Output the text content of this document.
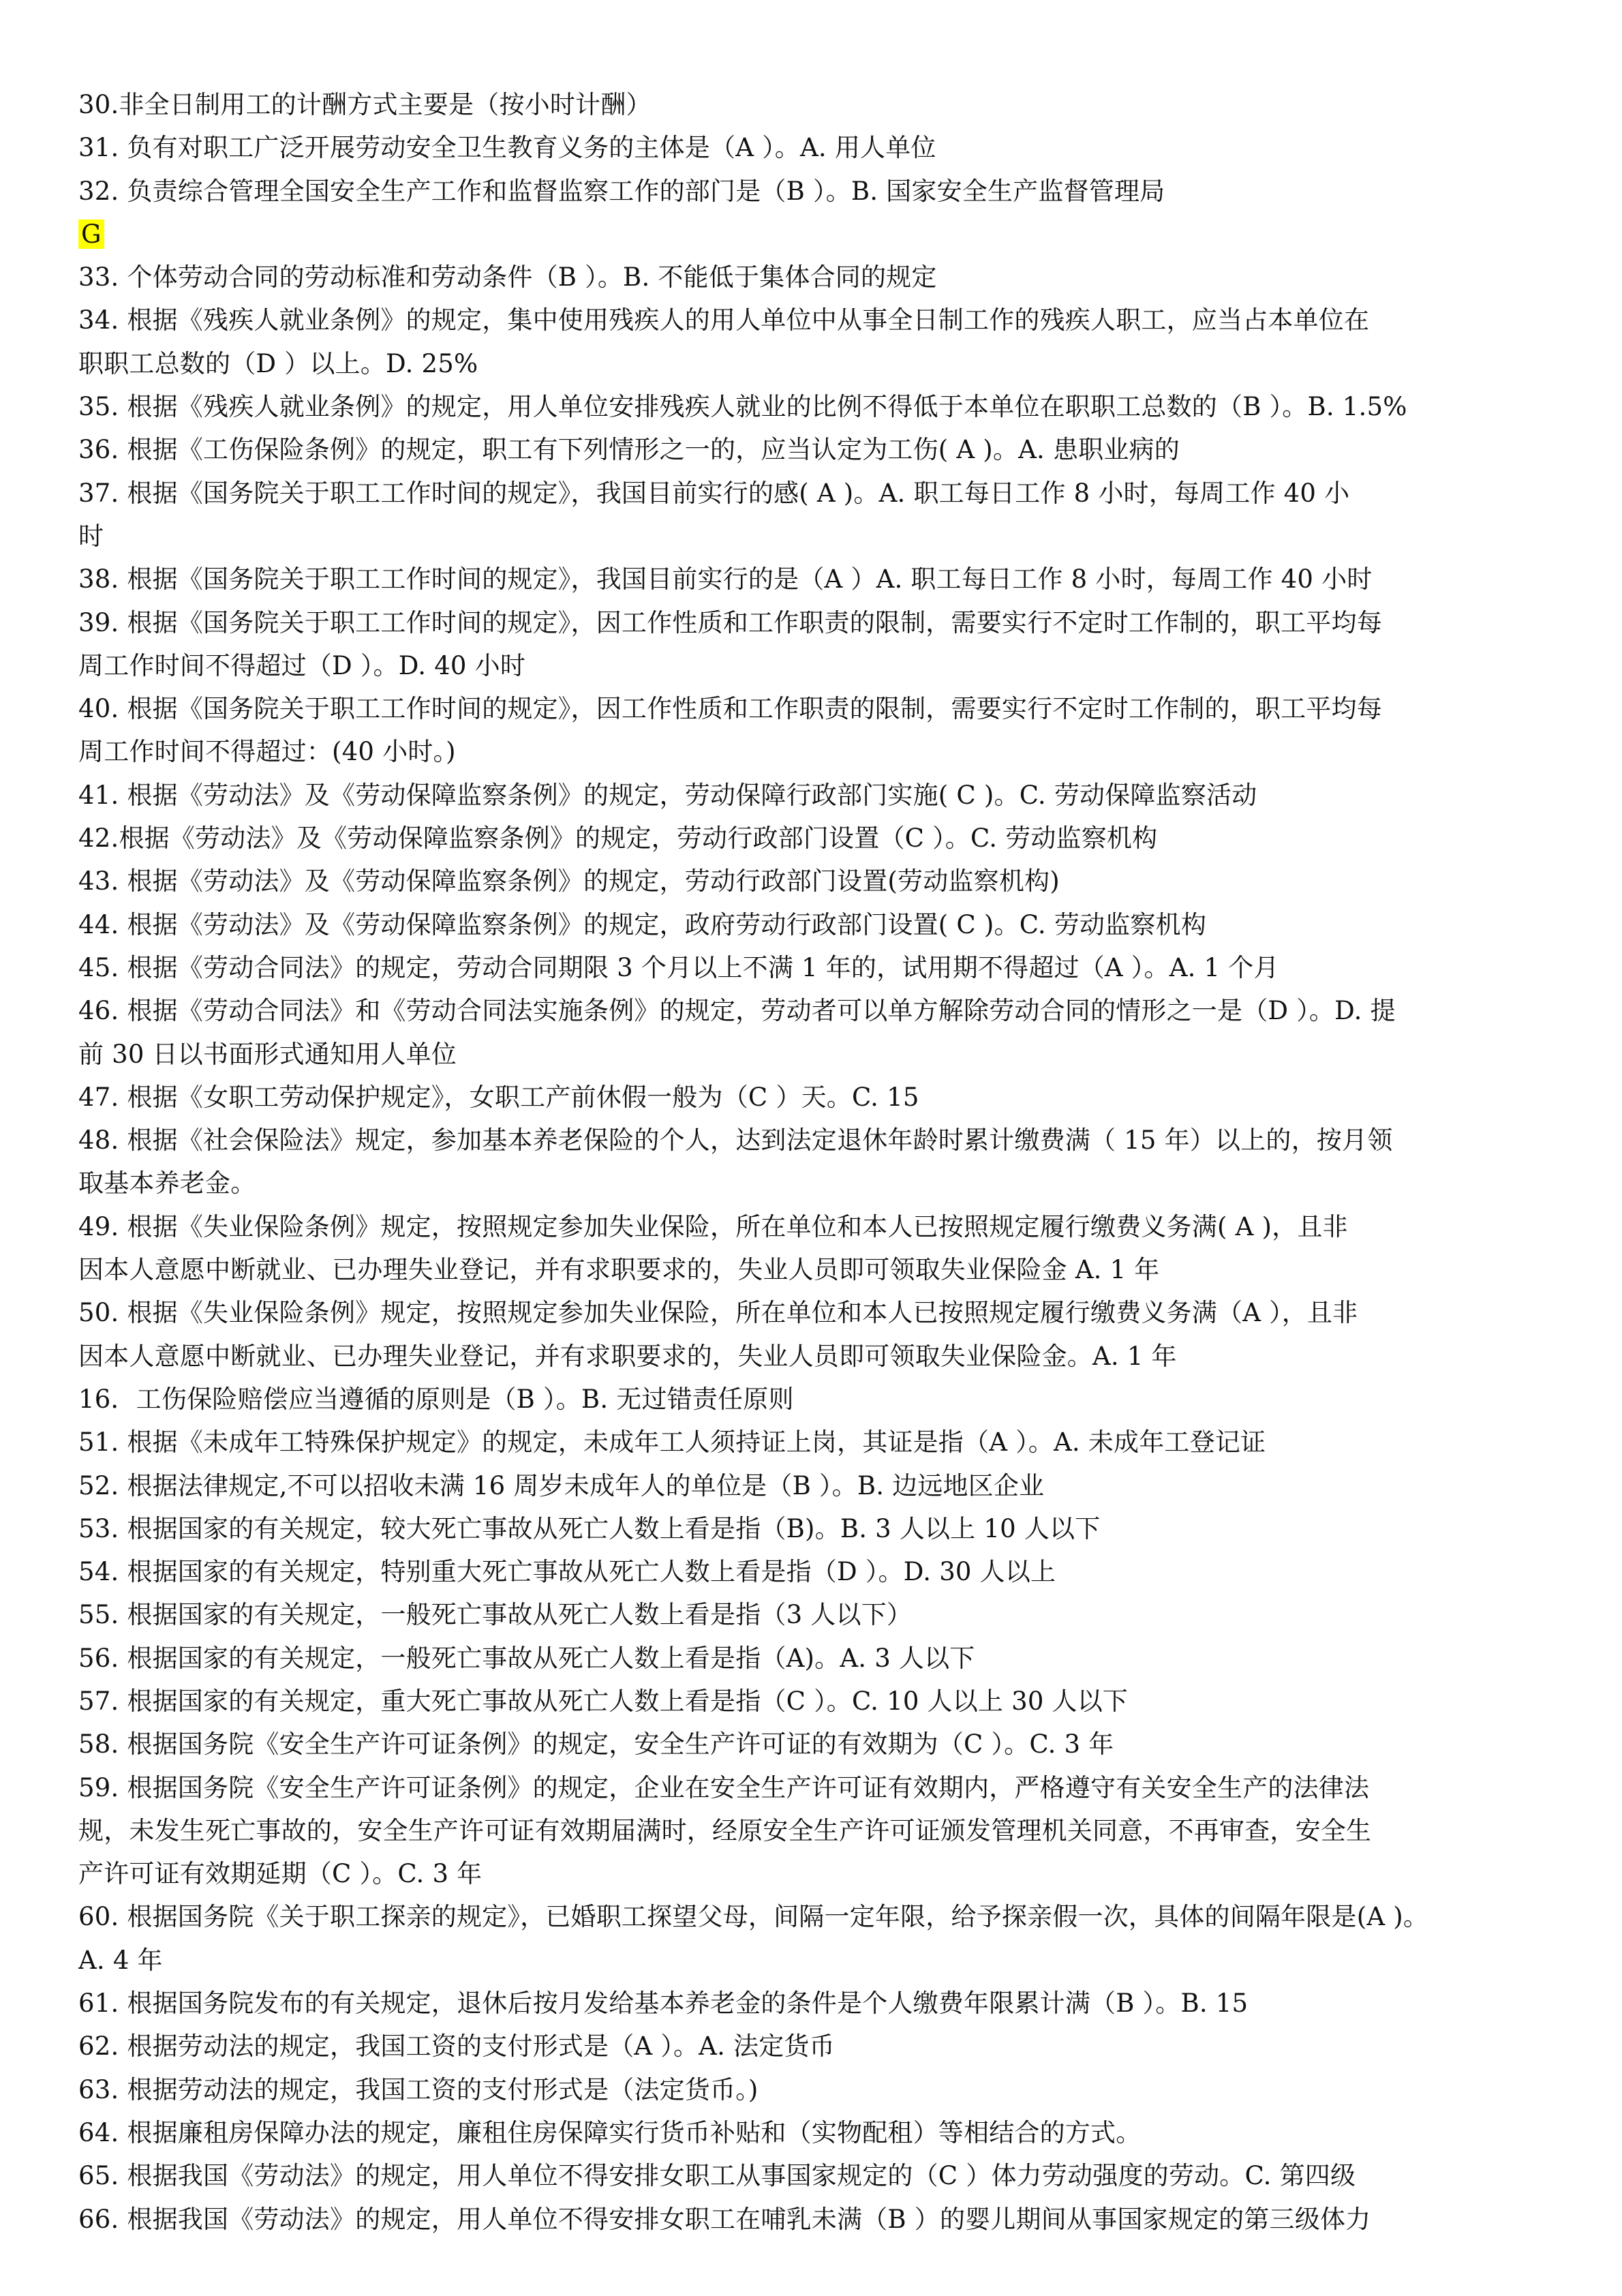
30.非全日制用工的计酬方式主要是（按小时计酬）
31. 负有对职工广泛开展劳动安全卫生教育义务的主体是（A ）。A. 用人单位
32. 负责综合管理全国安全生产工作和监督监察工作的部门是（B ）。B. 国家安全生产监督管理局
G
33. 个体劳动合同的劳动标准和劳动条件（B ）。B. 不能低于集体合同的规定
34. 根据《残疾人就业条例》的规定，集中使用残疾人的用人单位中从事全日制工作的残疾人职工，应当占本单位在
职职工总数的（D ）以上。D. 25%
35. 根据《残疾人就业条例》的规定，用人单位安排残疾人就业的比例不得低于本单位在职职工总数的（B ）。B. 1.5%
36. 根据《工伤保险条例》的规定，职工有下列情形之一的，应当认定为工伤( A )。A. 患职业病的
37. 根据《国务院关于职工工作时间的规定》，我国目前实行的感( A )。A. 职工每日工作 8 小时，每周工作 40 小
时
38. 根据《国务院关于职工工作时间的规定》，我国目前实行的是（A ）A. 职工每日工作 8 小时，每周工作 40 小时
39. 根据《国务院关于职工工作时间的规定》，因工作性质和工作职责的限制，需要实行不定时工作制的，职工平均每
周工作时间不得超过（D ）。D. 40 小时
40. 根据《国务院关于职工工作时间的规定》，因工作性质和工作职责的限制，需要实行不定时工作制的，职工平均每
周工作时间不得超过：(40 小时。)
41. 根据《劳动法》及《劳动保障监察条例》的规定，劳动保障行政部门实施( C )。C. 劳动保障监察活动
42.根据《劳动法》及《劳动保障监察条例》的规定，劳动行政部门设置（C ）。C. 劳动监察机构
43. 根据《劳动法》及《劳动保障监察条例》的规定，劳动行政部门设置(劳动监察机构)
44. 根据《劳动法》及《劳动保障监察条例》的规定，政府劳动行政部门设置( C )。C. 劳动监察机构
45. 根据《劳动合同法》的规定，劳动合同期限 3 个月以上不满 1 年的，试用期不得超过（A ）。A. 1 个月
46. 根据《劳动合同法》和《劳动合同法实施条例》的规定，劳动者可以单方解除劳动合同的情形之一是（D ）。D. 提
前 30 日以书面形式通知用人单位
47. 根据《女职工劳动保护规定》，女职工产前休假一般为（C ）天。C. 15
48. 根据《社会保险法》规定，参加基本养老保险的个人，达到法定退休年龄时累计缴费满（ 15 年）以上的，按月领
取基本养老金。
49. 根据《失业保险条例》规定，按照规定参加失业保险，所在单位和本人已按照规定履行缴费义务满( A )，且非
因本人意愿中断就业、已办理失业登记，并有求职要求的，失业人员即可领取失业保险金 A. 1 年
50. 根据《失业保险条例》规定，按照规定参加失业保险，所在单位和本人已按照规定履行缴费义务满（A ），且非
因本人意愿中断就业、已办理失业登记，并有求职要求的，失业人员即可领取失业保险金。A. 1 年
16．工伤保险赔偿应当遵循的原则是（B ）。B. 无过错责任原则
51. 根据《未成年工特殊保护规定》的规定，未成年工人须持证上岗，其证是指（A ）。A. 未成年工登记证
52. 根据法律规定,不可以招收未满 16 周岁未成年人的单位是（B ）。B. 边远地区企业
53. 根据国家的有关规定，较大死亡事故从死亡人数上看是指（B)。B. 3 人以上 10 人以下
54. 根据国家的有关规定，特别重大死亡事故从死亡人数上看是指（D ）。D. 30 人以上
55. 根据国家的有关规定，一般死亡事故从死亡人数上看是指（3 人以下）
56. 根据国家的有关规定，一般死亡事故从死亡人数上看是指（A)。A. 3 人以下
57. 根据国家的有关规定，重大死亡事故从死亡人数上看是指（C ）。C. 10 人以上 30 人以下
58. 根据国务院《安全生产许可证条例》的规定，安全生产许可证的有效期为（C ）。C. 3 年
59. 根据国务院《安全生产许可证条例》的规定，企业在安全生产许可证有效期内，严格遵守有关安全生产的法律法
规，未发生死亡事故的，安全生产许可证有效期届满时，经原安全生产许可证颁发管理机关同意，不再审查，安全生
产许可证有效期延期（C ）。C. 3 年
60. 根据国务院《关于职工探亲的规定》，已婚职工探望父母，间隔一定年限，给予探亲假一次，具体的间隔年限是(A )。
A. 4 年
61. 根据国务院发布的有关规定，退休后按月发给基本养老金的条件是个人缴费年限累计满（B ）。B. 15
62. 根据劳动法的规定，我国工资的支付形式是（A ）。A. 法定货币
63. 根据劳动法的规定，我国工资的支付形式是（法定货币。)
64. 根据廉租房保障办法的规定，廉租住房保障实行货币补贴和（实物配租）等相结合的方式。
65. 根据我国《劳动法》的规定，用人单位不得安排女职工从事国家规定的（C ）体力劳动强度的劳动。C. 第四级
66. 根据我国《劳动法》的规定，用人单位不得安排女职工在哺乳未满（B ）的婴儿期间从事国家规定的第三级体力
